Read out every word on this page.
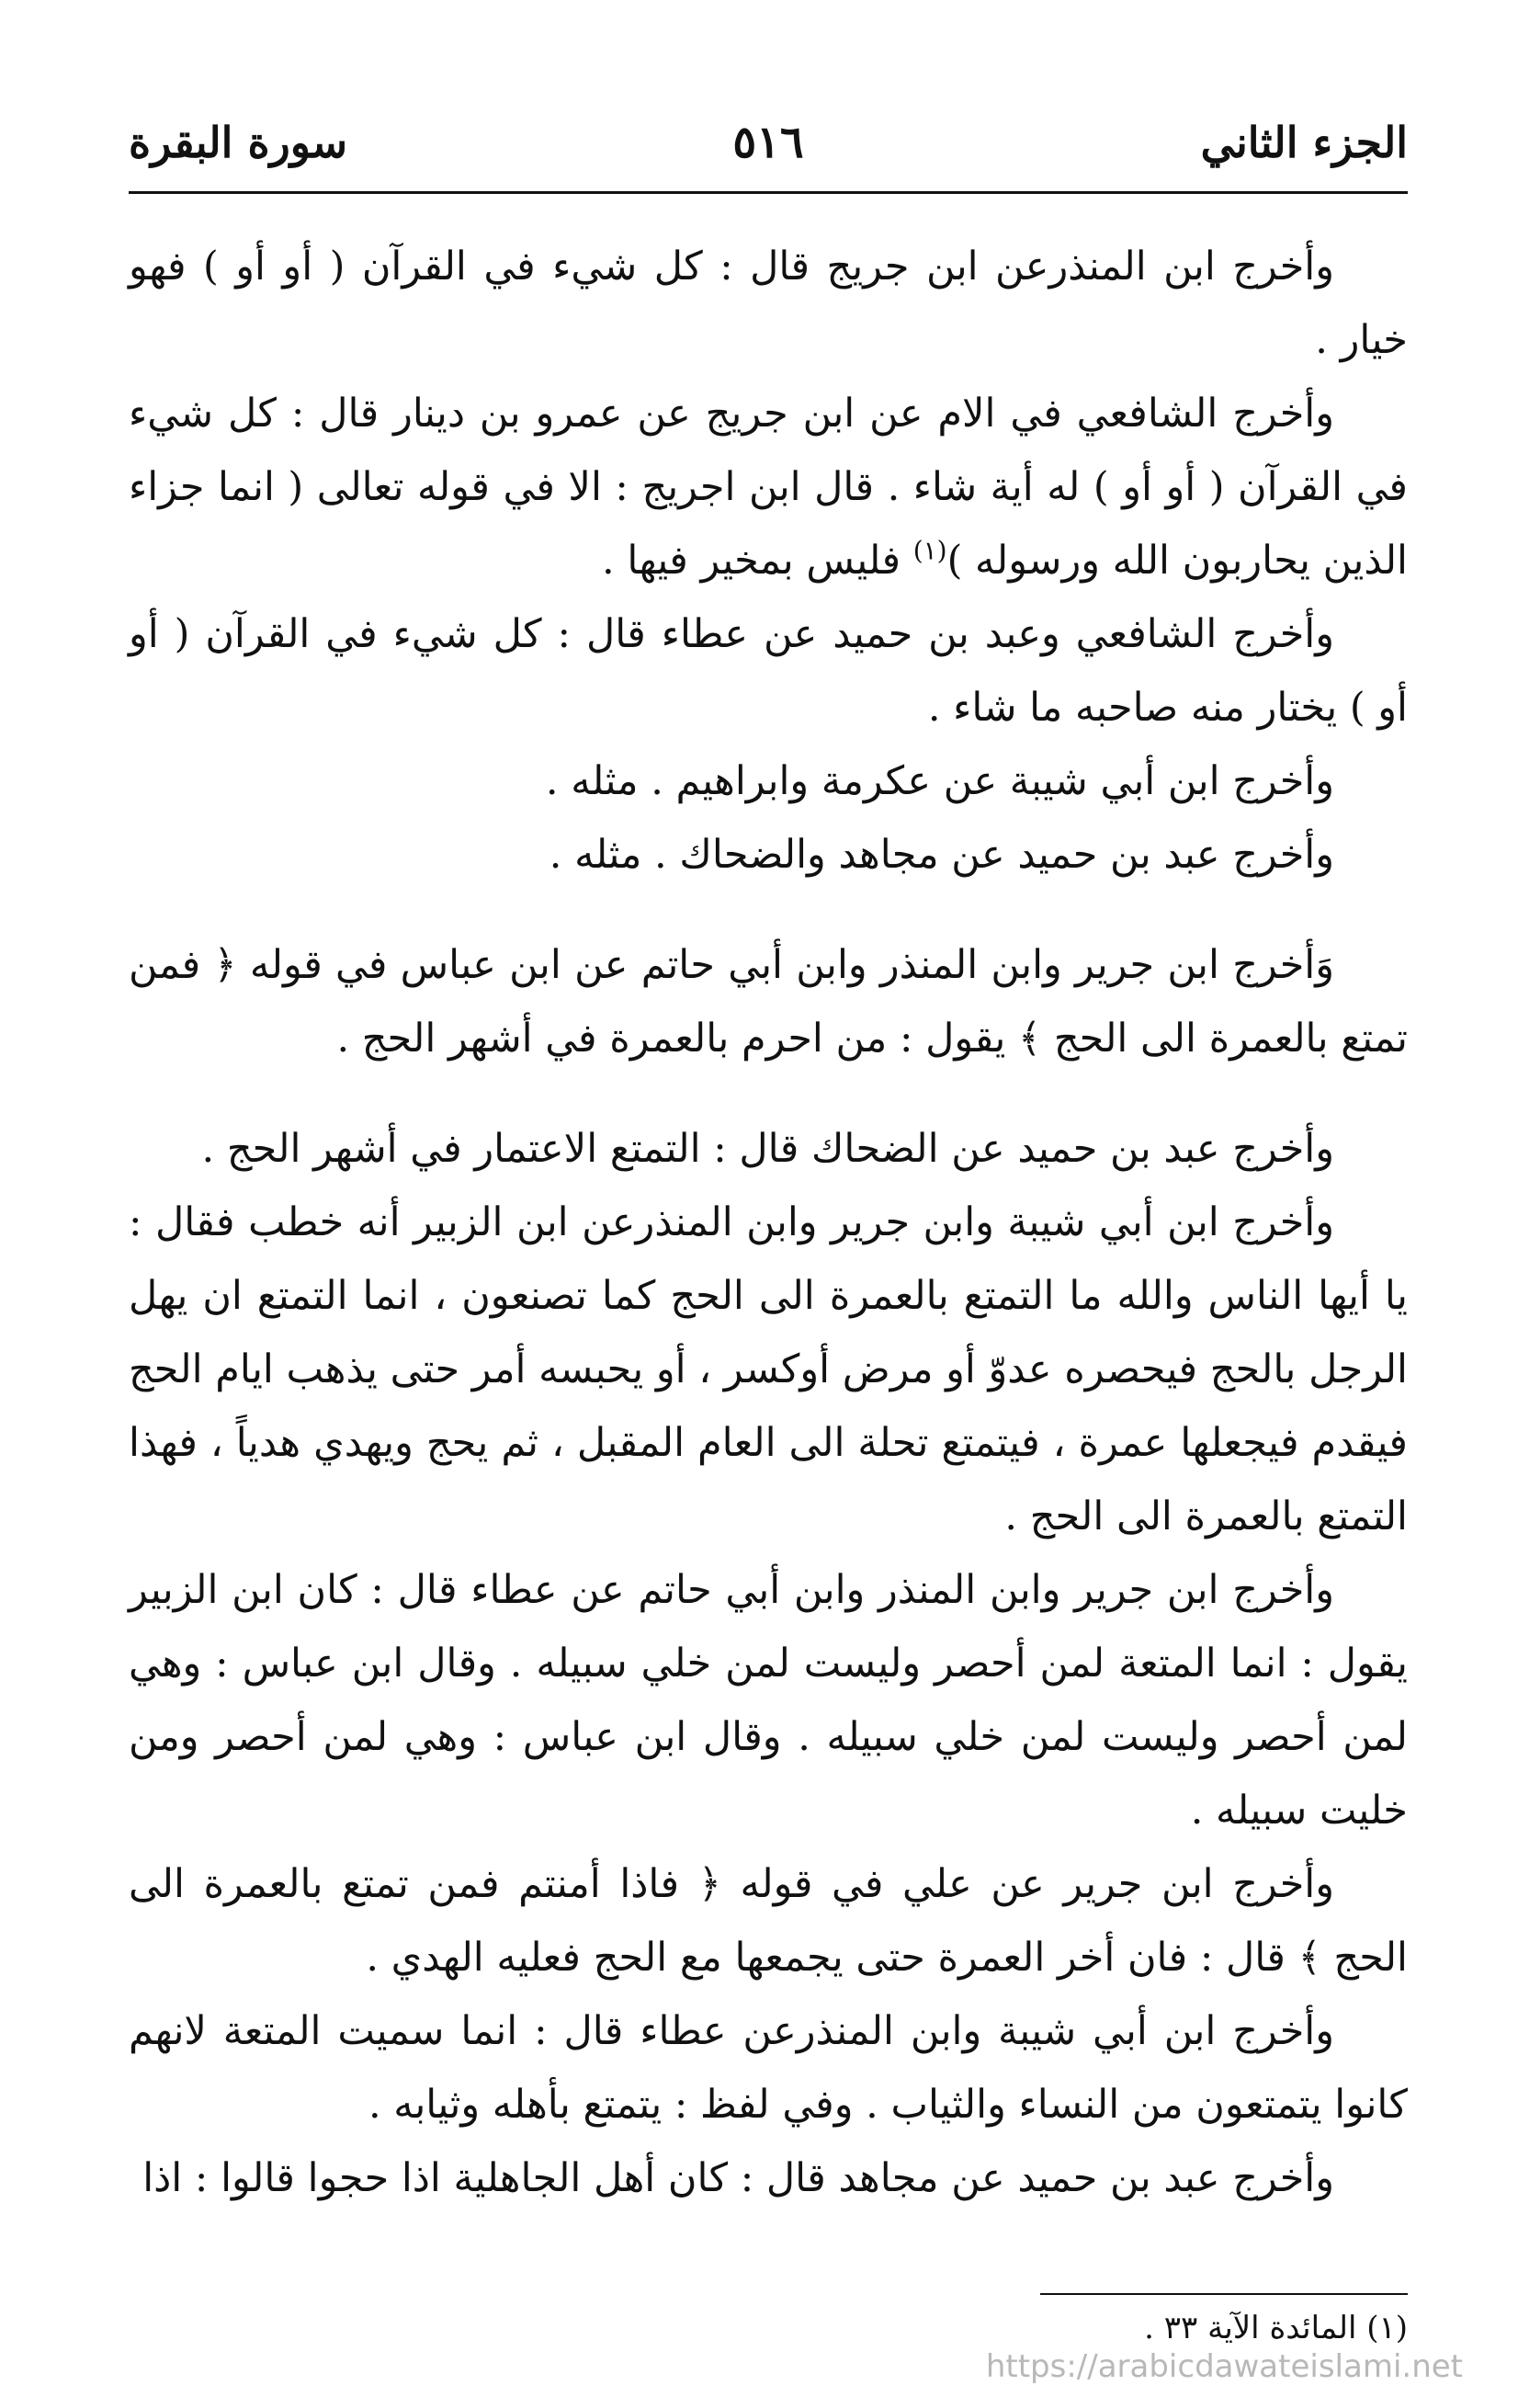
الجزء الثاني
٥١٦
سورة البقرة

وأخرج ابن المنذرعن ابن جريج قال : كل شيء في القرآن ( أو أو ) فهو خيار .

وأخرج الشافعي في الام عن ابن جريج عن عمرو بن دينار قال : كل شيء في القرآن ( أو أو ) له أية شاء . قال ابن اجريج : الا في قوله تعالى ( انما جزاء الذين يحاربون الله ورسوله )$^{(١)}$ فليس بمخير فيها .

وأخرج الشافعي وعبد بن حميد عن عطاء قال : كل شيء في القرآن ( أو أو ) يختار منه صاحبه ما شاء .

وأخرج ابن أبي شيبة عن عكرمة وابراهيم . مثله .

وأخرج عبد بن حميد عن مجاهد والضحاك . مثله .

وَأخرج ابن جرير وابن المنذر وابن أبي حاتم عن ابن عباس في قوله ﴿ فمن تمتع بالعمرة الى الحج ﴾ يقول : من احرم بالعمرة في أشهر الحج .

وأخرج عبد بن حميد عن الضحاك قال : التمتع الاعتمار في أشهر الحج .

وأخرج ابن أبي شيبة وابن جرير وابن المنذرعن ابن الزبير أنه خطب فقال : يا أيها الناس والله ما التمتع بالعمرة الى الحج كما تصنعون ، انما التمتع ان يهل الرجل بالحج فيحصره عدوّ أو مرض أوكسر ، أو يحبسه أمر حتى يذهب ايام الحج فيقدم فيجعلها عمرة ، فيتمتع تحلة الى العام المقبل ، ثم يحج ويهدي هدياً ، فهذا التمتع بالعمرة الى الحج .

وأخرج ابن جرير وابن المنذر وابن أبي حاتم عن عطاء قال : كان ابن الزبير يقول : انما المتعة لمن أحصر وليست لمن خلي سبيله . وقال ابن عباس : وهي لمن أحصر وليست لمن خلي سبيله . وقال ابن عباس : وهي لمن أحصر ومن خليت سبيله .

وأخرج ابن جرير عن علي في قوله ﴿ فاذا أمنتم فمن تمتع بالعمرة الى الحج ﴾ قال : فان أخر العمرة حتى يجمعها مع الحج فعليه الهدي .

وأخرج ابن أبي شيبة وابن المنذرعن عطاء قال : انما سميت المتعة لانهم كانوا يتمتعون من النساء والثياب . وفي لفظ : يتمتع بأهله وثيابه .

وأخرج عبد بن حميد عن مجاهد قال : كان أهل الجاهلية اذا حجوا قالوا : اذا

(١) المائدة الآية ٣٣ .
https://arabicdawateislami.net
